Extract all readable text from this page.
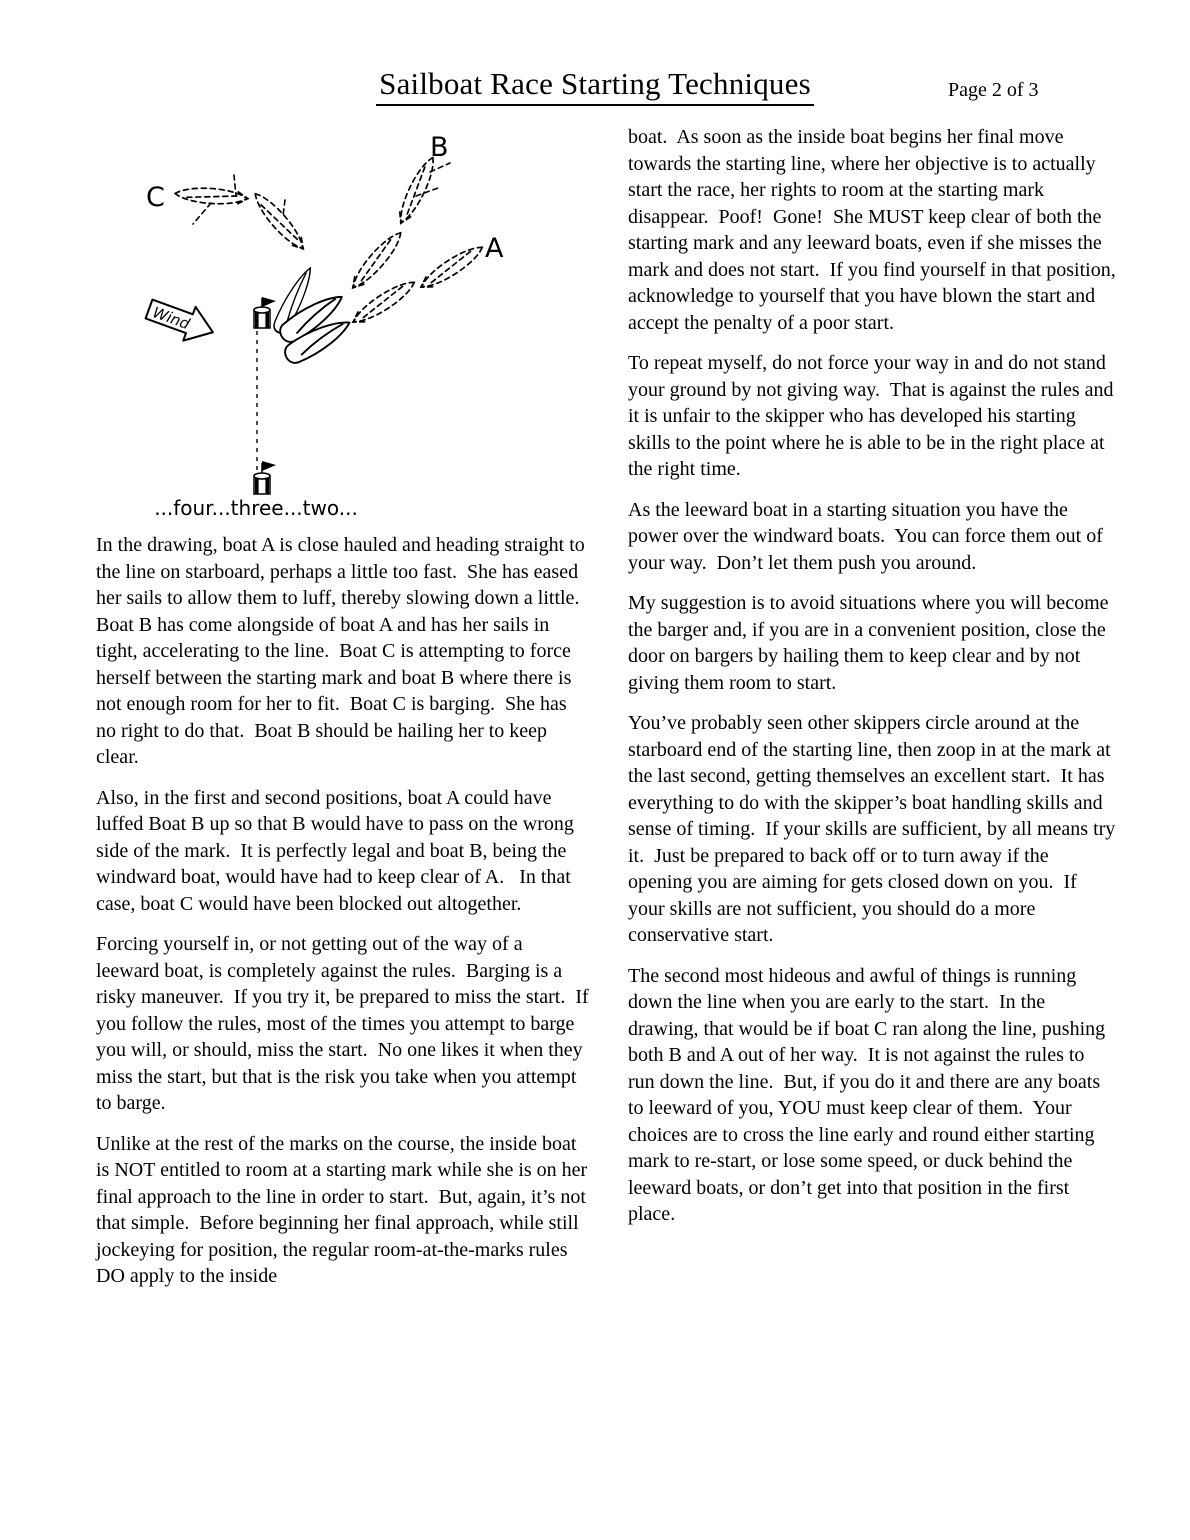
Sailboat Race Starting Techniques	Page 2 of 3
Wind
C
B
A
...four...three...two...

In the drawing, boat A is close hauled and heading straight to the line on starboard, perhaps a little too fast.  She has eased her sails to allow them to luff, thereby slowing down a little.  Boat B has come alongside of boat A and has her sails in tight, accelerating to the line.  Boat C is attempting to force herself between the starting mark and boat B where there is not enough room for her to fit.  Boat C is barging.  She has no right to do that.  Boat B should be hailing her to keep clear.

Also, in the first and second positions, boat A could have luffed Boat B up so that B would have to pass on the wrong side of the mark.  It is perfectly legal and boat B, being the windward boat, would have had to keep clear of A.   In that case, boat C would have been blocked out altogether.

Forcing yourself in, or not getting out of the way of a leeward boat, is completely against the rules.  Barging is a risky maneuver.  If you try it, be prepared to miss the start.  If you follow the rules, most of the times you attempt to barge you will, or should, miss the start.  No one likes it when they miss the start, but that is the risk you take when you attempt to barge.

Unlike at the rest of the marks on the course, the inside boat is NOT entitled to room at a starting mark while she is on her final approach to the line in order to start.  But, again, it’s not that simple.  Before beginning her final approach, while still jockeying for position, the regular room-at-the-marks rules DO apply to the inside

boat.  As soon as the inside boat begins her final move towards the starting line, where her objective is to actually start the race, her rights to room at the starting mark disappear.  Poof!  Gone!  She MUST keep clear of both the starting mark and any leeward boats, even if she misses the mark and does not start.  If you find yourself in that position, acknowledge to yourself that you have blown the start and accept the penalty of a poor start.

To repeat myself, do not force your way in and do not stand your ground by not giving way.  That is against the rules and it is unfair to the skipper who has developed his starting skills to the point where he is able to be in the right place at the right time.

As the leeward boat in a starting situation you have the power over the windward boats.  You can force them out of your way.  Don’t let them push you around.

My suggestion is to avoid situations where you will become the barger and, if you are in a convenient position, close the door on bargers by hailing them to keep clear and by not giving them room to start.

You’ve probably seen other skippers circle around at the starboard end of the starting line, then zoop in at the mark at the last second, getting themselves an excellent start.  It has everything to do with the skipper’s boat handling skills and sense of timing.  If your skills are sufficient, by all means try it.  Just be prepared to back off or to turn away if the opening you are aiming for gets closed down on you.  If your skills are not sufficient, you should do a more conservative start.

The second most hideous and awful of things is running down the line when you are early to the start.  In the drawing, that would be if boat C ran along the line, pushing both B and A out of her way.  It is not against the rules to run down the line.  But, if you do it and there are any boats to leeward of you, YOU must keep clear of them.  Your choices are to cross the line early and round either starting mark to re-start, or lose some speed, or duck behind the leeward boats, or don’t get into that position in the first place.
